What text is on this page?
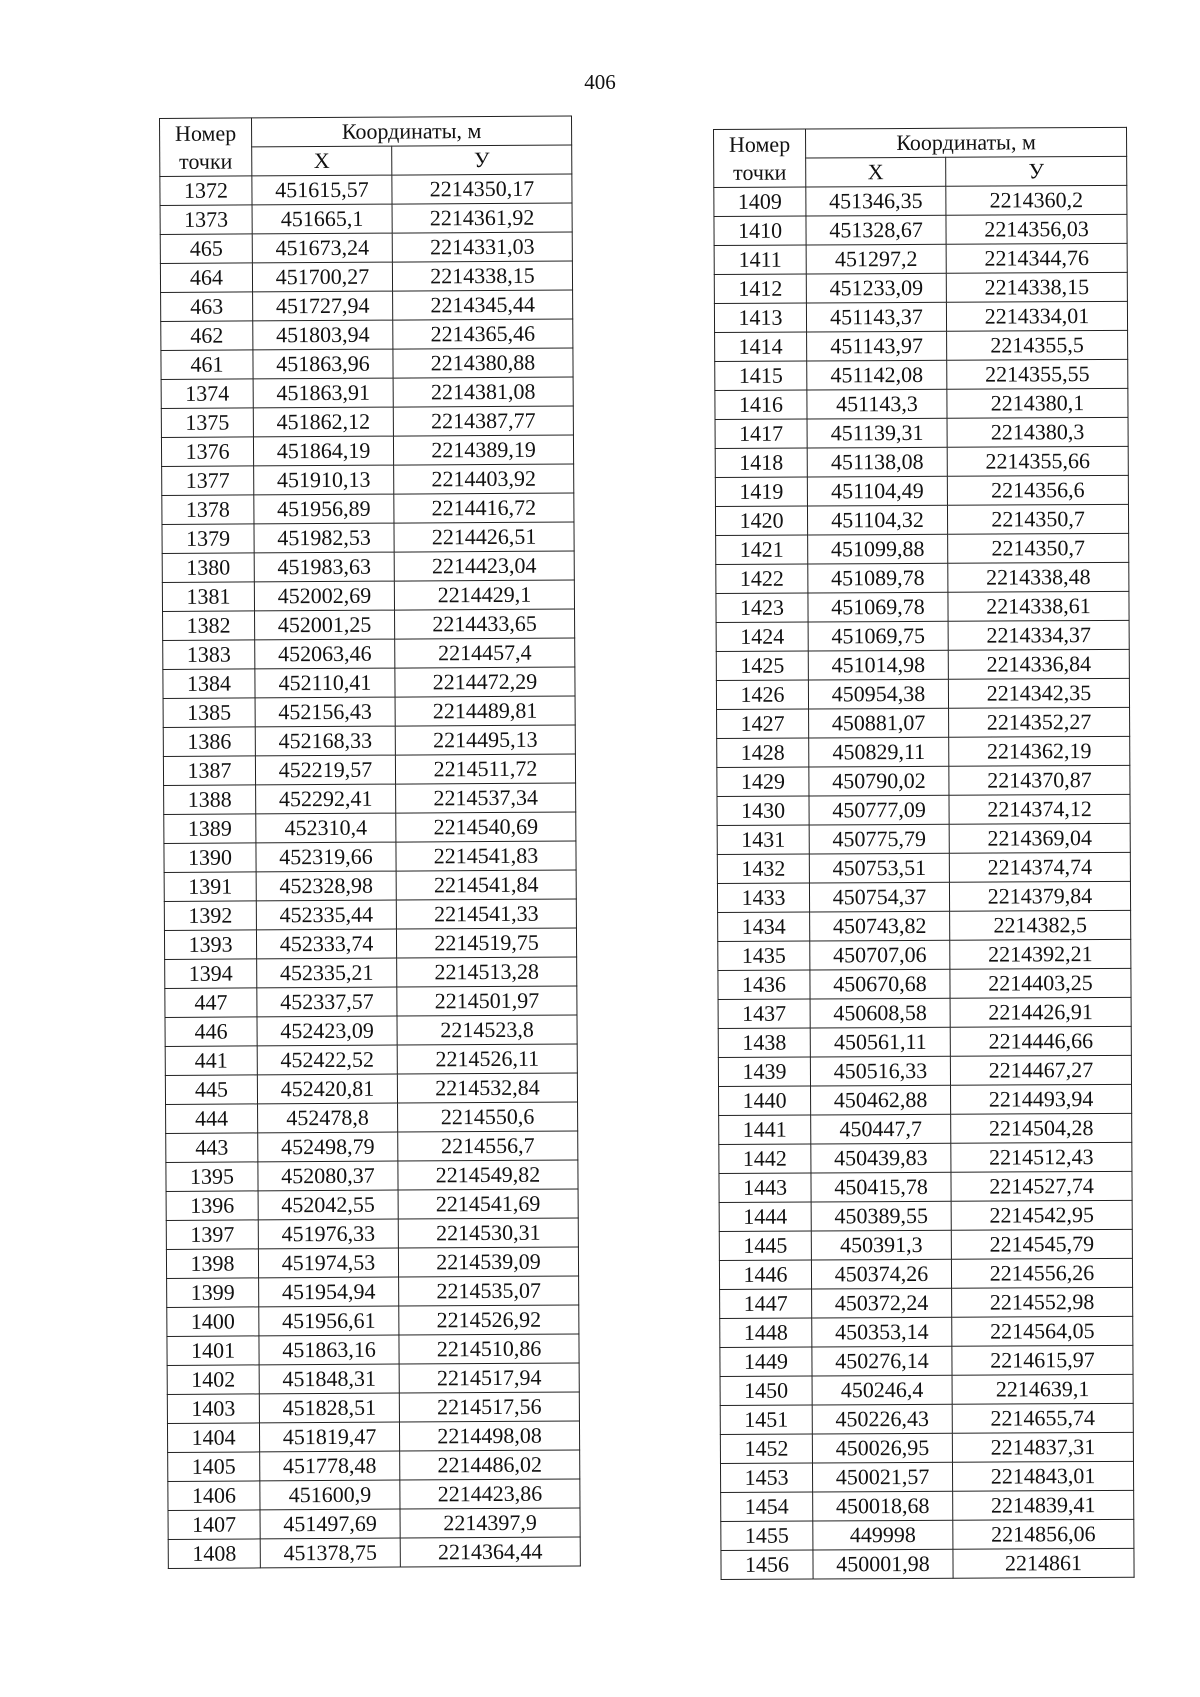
406
Номер
точки	Координаты, м	
	X	У
1372	451615,57	2214350,17
1373	451665,1	2214361,92
465	451673,24	2214331,03
464	451700,27	2214338,15
463	451727,94	2214345,44
462	451803,94	2214365,46
461	451863,96	2214380,88
1374	451863,91	2214381,08
1375	451862,12	2214387,77
1376	451864,19	2214389,19
1377	451910,13	2214403,92
1378	451956,89	2214416,72
1379	451982,53	2214426,51
1380	451983,63	2214423,04
1381	452002,69	2214429,1
1382	452001,25	2214433,65
1383	452063,46	2214457,4
1384	452110,41	2214472,29
1385	452156,43	2214489,81
1386	452168,33	2214495,13
1387	452219,57	2214511,72
1388	452292,41	2214537,34
1389	452310,4	2214540,69
1390	452319,66	2214541,83
1391	452328,98	2214541,84
1392	452335,44	2214541,33
1393	452333,74	2214519,75
1394	452335,21	2214513,28
447	452337,57	2214501,97
446	452423,09	2214523,8
441	452422,52	2214526,11
445	452420,81	2214532,84
444	452478,8	2214550,6
443	452498,79	2214556,7
1395	452080,37	2214549,82
1396	452042,55	2214541,69
1397	451976,33	2214530,31
1398	451974,53	2214539,09
1399	451954,94	2214535,07
1400	451956,61	2214526,92
1401	451863,16	2214510,86
1402	451848,31	2214517,94
1403	451828,51	2214517,56
1404	451819,47	2214498,08
1405	451778,48	2214486,02
1406	451600,9	2214423,86
1407	451497,69	2214397,9
1408	451378,75	2214364,44
Номер
точки	Координаты, м	
	X	У
1409	451346,35	2214360,2
1410	451328,67	2214356,03
1411	451297,2	2214344,76
1412	451233,09	2214338,15
1413	451143,37	2214334,01
1414	451143,97	2214355,5
1415	451142,08	2214355,55
1416	451143,3	2214380,1
1417	451139,31	2214380,3
1418	451138,08	2214355,66
1419	451104,49	2214356,6
1420	451104,32	2214350,7
1421	451099,88	2214350,7
1422	451089,78	2214338,48
1423	451069,78	2214338,61
1424	451069,75	2214334,37
1425	451014,98	2214336,84
1426	450954,38	2214342,35
1427	450881,07	2214352,27
1428	450829,11	2214362,19
1429	450790,02	2214370,87
1430	450777,09	2214374,12
1431	450775,79	2214369,04
1432	450753,51	2214374,74
1433	450754,37	2214379,84
1434	450743,82	2214382,5
1435	450707,06	2214392,21
1436	450670,68	2214403,25
1437	450608,58	2214426,91
1438	450561,11	2214446,66
1439	450516,33	2214467,27
1440	450462,88	2214493,94
1441	450447,7	2214504,28
1442	450439,83	2214512,43
1443	450415,78	2214527,74
1444	450389,55	2214542,95
1445	450391,3	2214545,79
1446	450374,26	2214556,26
1447	450372,24	2214552,98
1448	450353,14	2214564,05
1449	450276,14	2214615,97
1450	450246,4	2214639,1
1451	450226,43	2214655,74
1452	450026,95	2214837,31
1453	450021,57	2214843,01
1454	450018,68	2214839,41
1455	449998	2214856,06
1456	450001,98	2214861
